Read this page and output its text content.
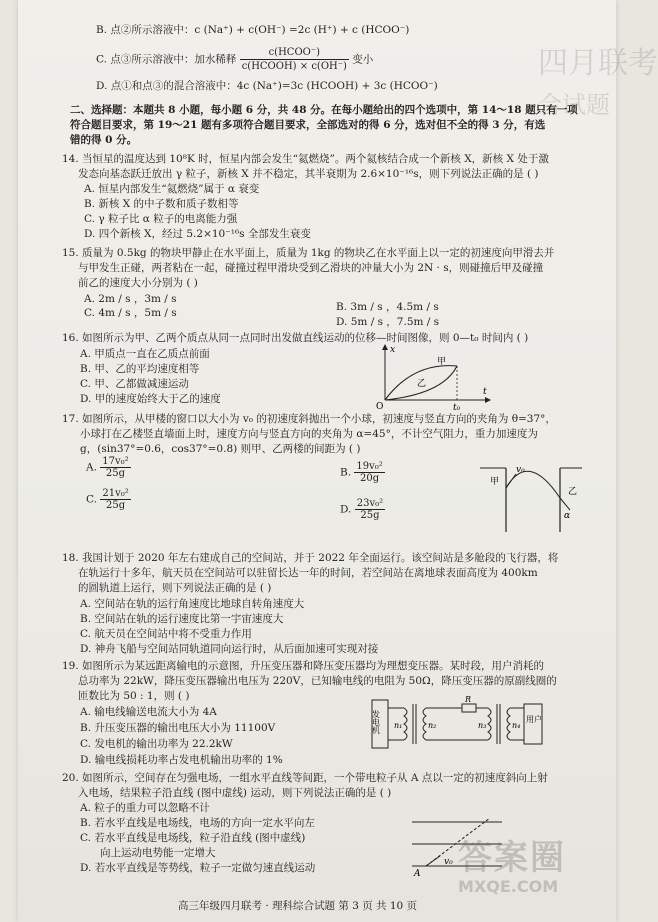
四月联考
合试题
B. 点②所示溶液中：c (Na⁺) + c(OH⁻) =2c (H⁺) + c (HCOO⁻)
C. 点③所示溶液中：加水稀释 $\frac{\text{c(HCOO⁻)}}{\text{c(HCOOH) × c(OH⁻)}}$ 变小
D. 点①和点③的混合溶液中：4c (Na⁺)=3c (HCOOH) + 3c (HCOO⁻)
二、选择题：本题共 8 小题，每小题 6 分，共 48 分。在每小题给出的四个选项中，第 14～18 题只有一项
符合题目要求，第 19～21 题有多项符合题目要求，全部选对的得 6 分，选对但不全的得 3 分，有选
错的得 0 分。
14. 当恒星的温度达到 10⁸K 时，恒星内部会发生“氦燃烧”。两个氦核结合成一个新核 X，新核 X 处于激
发态向基态跃迁放出 γ 粒子，新核 X 并不稳定，其半衰期为 2.6×10⁻¹⁶s，则下列说法正确的是 ( )
A. 恒星内部发生“氦燃烧”属于 α 衰变
B. 新核 X 的中子数和质子数相等
C. γ 粒子比 α 粒子的电离能力强
D. 四个新核 X，经过 5.2×10⁻¹⁶s 全部发生衰变
15. 质量为 0.5kg 的物块甲静止在水平面上，质量为 1kg 的物块乙在水平面上以一定的初速度向甲滑去并
与甲发生正碰，两者粘在一起，碰撞过程甲滑块受到乙滑块的冲量大小为 2N · s，则碰撞后甲及碰撞
前乙的速度大小分别为 ( )
A. 2m / s ，3m / s
B. 3m / s ，4.5m / s
C. 4m / s ，5m / s
D. 5m / s ，7.5m / s
16. 如图所示为甲、乙两个质点从同一点同时出发做直线运动的位移—时间图像，则 0—t₀ 时间内 ( )
A. 甲质点一直在乙质点前面
B. 甲、乙的平均速度相等
C. 甲、乙都做减速运动
D. 甲的速度始终大于乙的速度
x
t
O	t₀
甲
乙
17. 如图所示，从甲楼的窗口以大小为 v₀ 的初速度斜抛出一个小球，初速度与竖直方向的夹角为 θ=37°，
小球打在乙楼竖直墙面上时，速度方向与竖直方向的夹角为 α=45°，不计空气阻力，重力加速度为
g，(sin37°=0.6，cos37°=0.8) 则甲、乙两楼的间距为 ( )
A. $\frac{\text{17v₀²}}{25g}$	B. $\frac{\text{19v₀²}}{20g}$
C. $\frac{\text{21v₀²}}{25g}$	D. $\frac{\text{23v₀²}}{25g}$
甲
乙
v₀
α
18. 我国计划于 2020 年左右建成自己的空间站，并于 2022 年全面运行。该空间站是多舱段的飞行器，将
在轨运行十多年，航天员在空间站可以驻留长达一年的时间，若空间站在离地球表面高度为 400km
的圆轨道上运行，则下列说法正确的是 ( )
A. 空间站在轨的运行角速度比地球自转角速度大
B. 空间站在轨的运行速度比第一宇宙速度大
C. 航天员在空间站中将不受重力作用
D. 神舟飞船与空间站同轨道同向运行时，从后面加速可实现对接
19. 如图所示为某远距离输电的示意图，升压变压器和降压变压器均为理想变压器。某时段，用户消耗的
总功率为 22kW，降压变压器输出电压为 220V，已知输电线的电阻为 50Ω，降压变压器的原副线圈的
匝数比为 50 : 1，则 ( )
A. 输电线输送电流大小为 4A
B. 升压变压器的输出电压大小为 11100V
C. 发电机的输出功率为 22.2kW
D. 输电线损耗功率占发电机输出功率的 1%
发电机 n₁	n₂
R
n₃	n₄
用户
20. 如图所示，空间存在匀强电场，一组水平直线等间距，一个带电粒子从 A 点以一定的初速度斜向上射
入电场，结果粒子沿直线 (图中虚线) 运动，则下列说法正确的是 ( )
A. 粒子的重力可以忽略不计
B. 若水平直线是电场线，电场的方向一定水平向左
C. 若水平直线是电场线，粒子沿直线 (图中虚线)
向上运动电势能一定增大
D. 若水平直线是等势线，粒子一定做匀速直线运动	A
v₀
高三年级四月联考 · 理科综合试题 第 3 页 共 10 页
答案圈
MXQE.COM
